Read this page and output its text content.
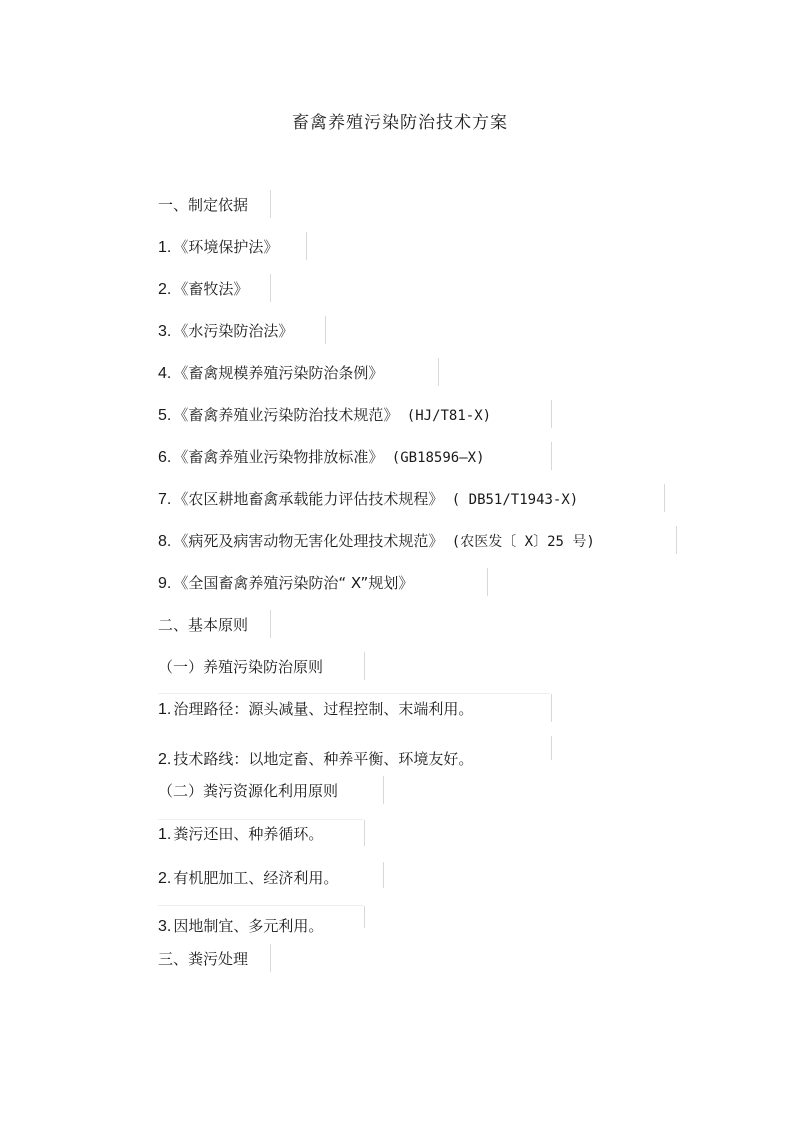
畜禽养殖污染防治技术方案
一、制定依据
1. 《环境保护法》
2. 《畜牧法》
3. 《水污染防治法》
4. 《畜禽规模养殖污染防治条例》
5. 《畜禽养殖业污染防治技术规范》 (HJ/T81-X)
6. 《畜禽养殖业污染物排放标准》 (GB18596—X)
7. 《农区耕地畜禽承载能力评估技术规程》 ( DB51/T1943-X)
8. 《病死及病害动物无害化处理技术规范》 (农医发〔 X〕25 号)
9. 《全国畜禽养殖污染防治“ X”规划》
二、基本原则
（一）养殖污染防治原则
1. 治理路径：源头减量、过程控制、末端利用。
2. 技术路线：以地定畜、种养平衡、环境友好。
（二）粪污资源化利用原则
1. 粪污还田、种养循环。
2. 有机肥加工、经济利用。
3. 因地制宜、多元利用。
三、粪污处理
